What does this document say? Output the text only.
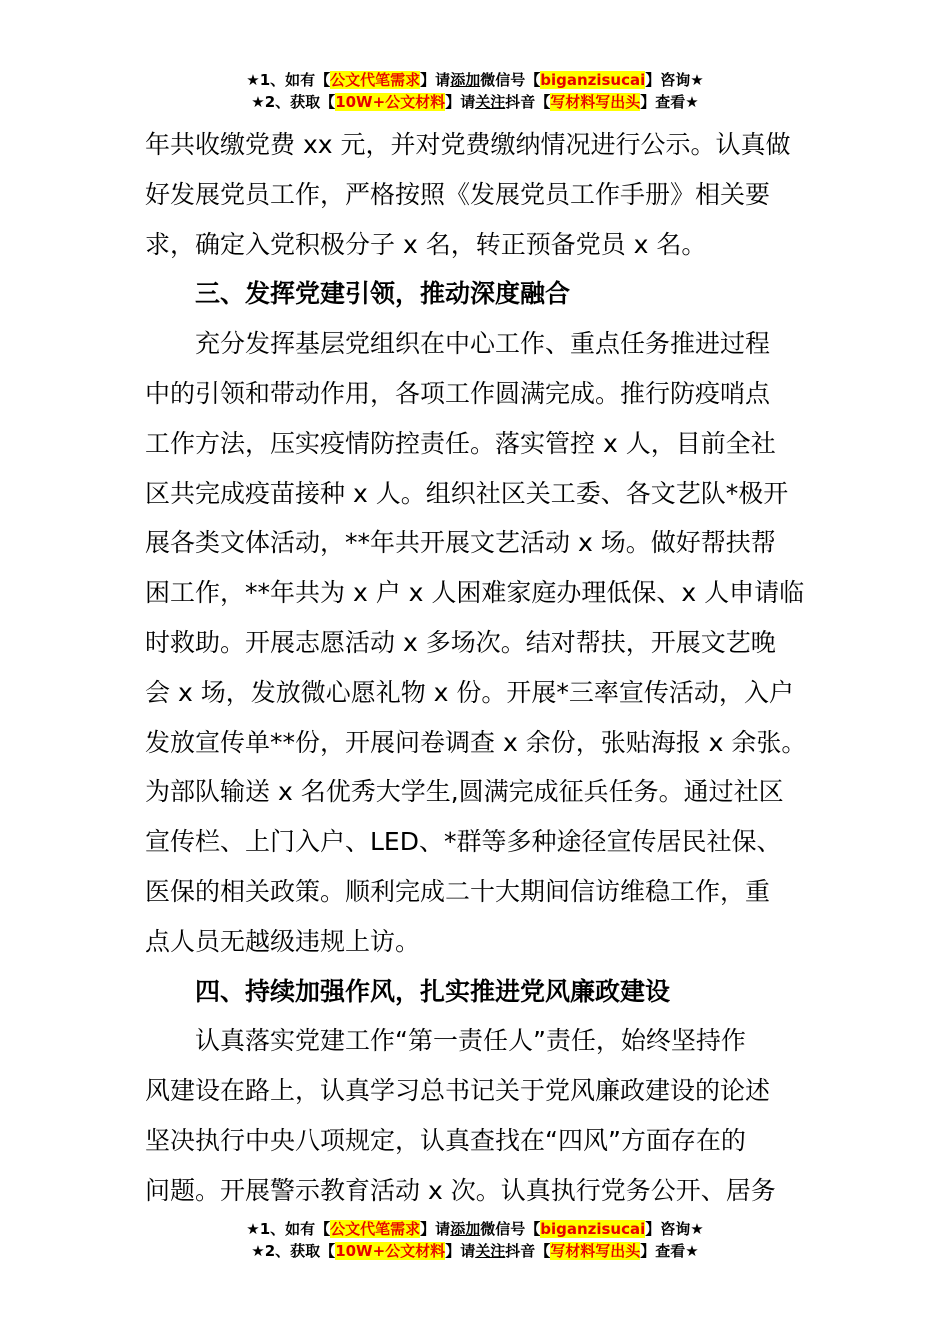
★1、如有【公文代笔需求】请添加微信号【biganzisucai】咨询★
★2、获取【10W+公文材料】请关注抖音【写材料写出头】查看★

年共收缴党费 xx 元，并对党费缴纳情况进行公示。认真做

好发展党员工作，严格按照《发展党员工作手册》相关要

求，确定入党积极分子 x 名，转正预备党员 x 名。

三、发挥党建引领，推动深度融合

充分发挥基层党组织在中心工作、重点任务推进过程

中的引领和带动作用，各项工作圆满完成。推行防疫哨点

工作方法，压实疫情防控责任。落实管控 x 人，目前全社

区共完成疫苗接种 x 人。组织社区关工委、各文艺队*极开

展各类文体活动，**年共开展文艺活动 x 场。做好帮扶帮

困工作，**年共为 x 户 x 人困难家庭办理低保、x 人申请临

时救助。开展志愿活动 x 多场次。结对帮扶，开展文艺晚

会 x 场，发放微心愿礼物 x 份。开展*三率宣传活动，入户

发放宣传单**份，开展问卷调查 x 余份，张贴海报 x 余张。

为部队输送 x 名优秀大学生,圆满完成征兵任务。通过社区

宣传栏、上门入户、LED、*群等多种途径宣传居民社保、

医保的相关政策。顺利完成二十大期间信访维稳工作，重

点人员无越级违规上访。

四、持续加强作风，扎实推进党风廉政建设

认真落实党建工作“第一责任人”责任，始终坚持作

风建设在路上，认真学习总书记关于党风廉政建设的论述

坚决执行中央八项规定，认真查找在“四风”方面存在的

问题。开展警示教育活动 x 次。认真执行党务公开、居务

★1、如有【公文代笔需求】请添加微信号【biganzisucai】咨询★
★2、获取【10W+公文材料】请关注抖音【写材料写出头】查看★
